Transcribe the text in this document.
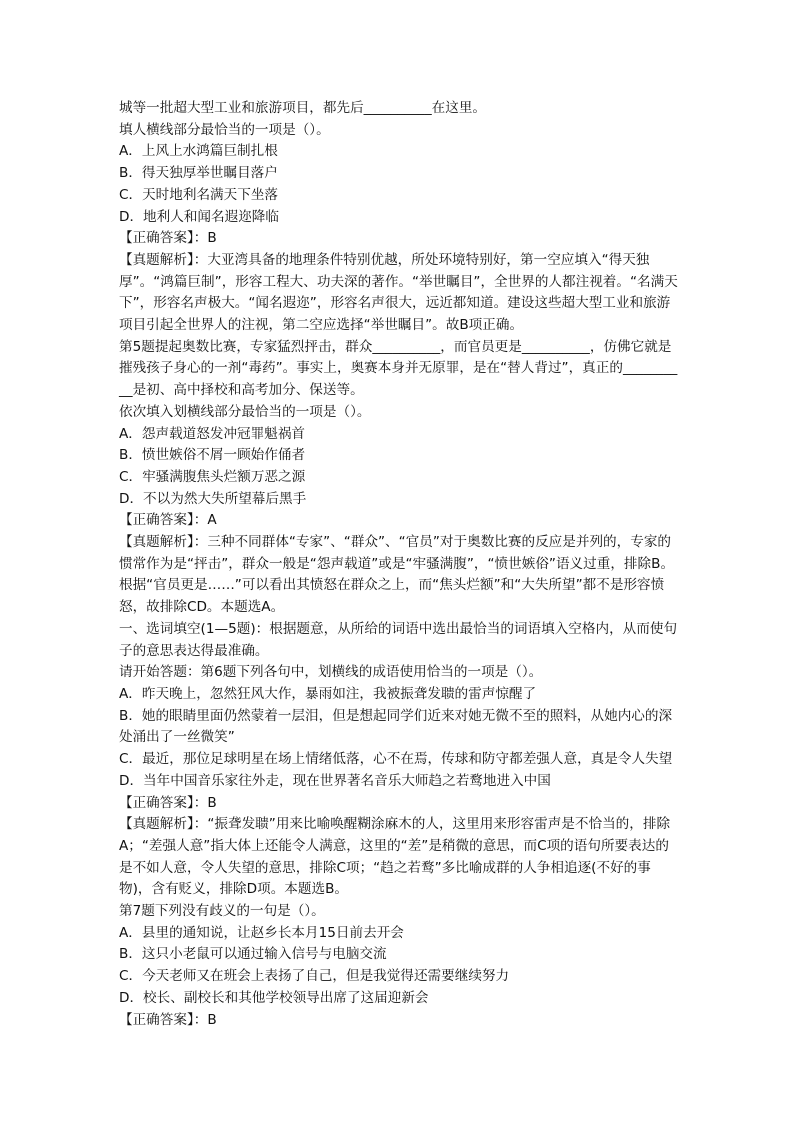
城等一批超大型工业和旅游项目，都先后__________在这里。

填人横线部分最恰当的一项是（）。

A．上风上水鸿篇巨制扎根

B．得天独厚举世瞩目落户

C．天时地利名满天下坐落

D．地利人和闻名遐迩降临

【正确答案】：B

【真题解析】：大亚湾具备的地理条件特别优越，所处环境特别好，第一空应填入“得天独厚”。“鸿篇巨制”，形容工程大、功夫深的著作。“举世瞩目”，全世界的人都注视着。“名满天下”，形容名声极大。“闻名遐迩”，形容名声很大，远近都知道。建设这些超大型工业和旅游项目引起全世界人的注视，第二空应选择“举世瞩目”。故B项正确。

第5题提起奥数比赛，专家猛烈抨击，群众__________，而官员更是__________，仿佛它就是摧残孩子身心的一剂“毒药”。事实上，奥赛本身并无原罪，是在“替人背过”，真正的__________是初、高中择校和高考加分、保送等。

依次填入划横线部分最恰当的一项是（）。

A．怨声载道怒发冲冠罪魁祸首

B．愤世嫉俗不屑一顾始作俑者

C．牢骚满腹焦头烂额万恶之源

D．不以为然大失所望幕后黑手

【正确答案】：A

【真题解析】：三种不同群体“专家”、“群众”、“官员”对于奥数比赛的反应是并列的，专家的惯常作为是“抨击”，群众一般是“怨声载道”或是“牢骚满腹”，“愤世嫉俗”语义过重，排除B。根据“官员更是……”可以看出其愤怒在群众之上，而“焦头烂额”和“大失所望”都不是形容愤怒，故排除CD。本题选A。

一、选词填空(1—5题)：根据题意，从所给的词语中选出最恰当的词语填入空格内，从而使句子的意思表达得最准确。

请开始答题：第6题下列各句中，划横线的成语使用恰当的一项是（）。

A．昨天晚上，忽然狂风大作，暴雨如注，我被振聋发聩的雷声惊醒了

B．她的眼睛里面仍然蒙着一层泪，但是想起同学们近来对她无微不至的照料，从她内心的深处涌出了一丝微笑”

C．最近，那位足球明星在场上情绪低落，心不在焉，传球和防守都差强人意，真是令人失望

D．当年中国音乐家往外走，现在世界著名音乐大师趋之若鹜地进入中国

【正确答案】：B

【真题解析】：“振聋发聩”用来比喻唤醒糊涂麻木的人，这里用来形容雷声是不恰当的，排除A；“差强人意”指大体上还能令人满意，这里的“差”是稍微的意思，而C项的语句所要表达的是不如人意，令人失望的意思，排除C项；“趋之若鹜”多比喻成群的人争相追逐(不好的事物)，含有贬义，排除D项。本题选B。

第7题下列没有歧义的一句是（）。

A．县里的通知说，让赵乡长本月15日前去开会

B．这只小老鼠可以通过输入信号与电脑交流

C．今天老师又在班会上表扬了自己，但是我觉得还需要继续努力

D．校长、副校长和其他学校领导出席了这届迎新会

【正确答案】：B
